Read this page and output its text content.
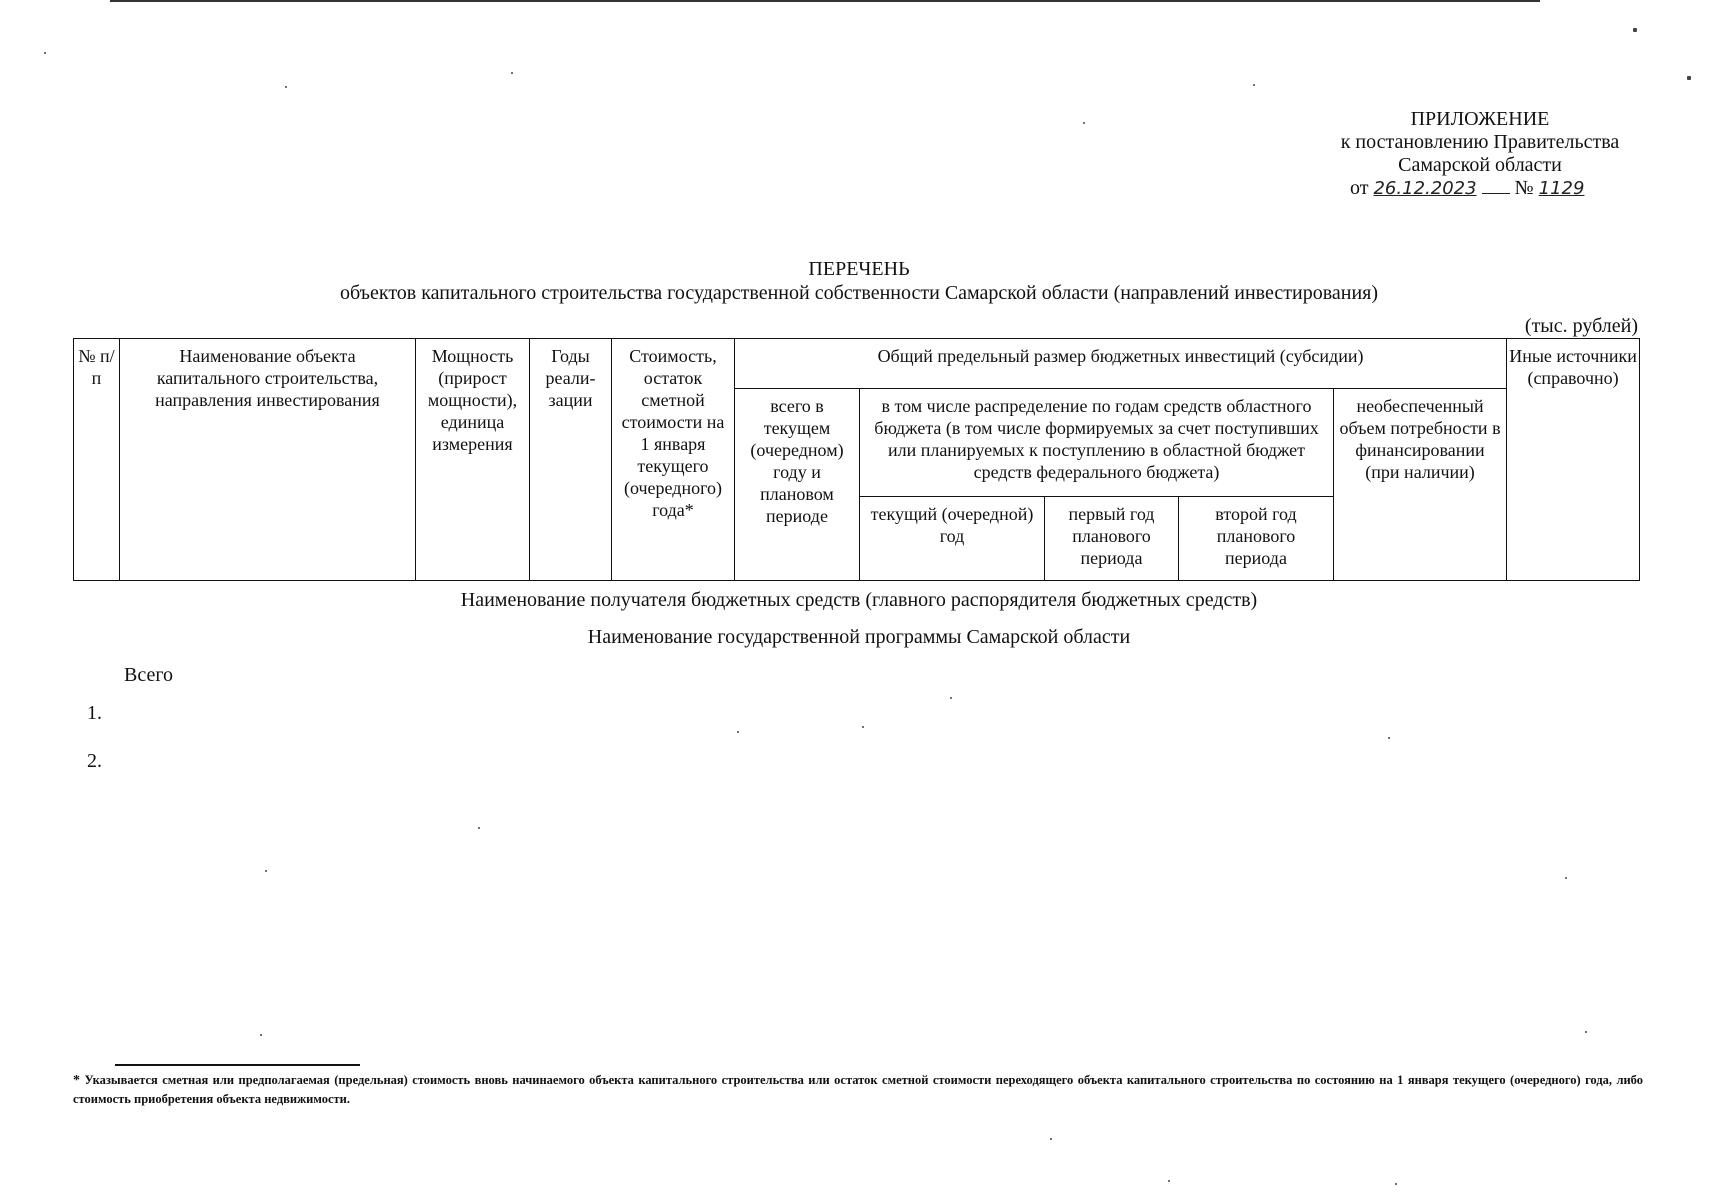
ПРИЛОЖЕНИЕ
к постановлению Правительства
Самарской области
от 26.12.2023 № 1129
ПЕРЕЧЕНЬ
объектов капитального строительства государственной собственности Самарской области (направлений инвестирования)
(тыс. рублей)
№ п/п	Наименование объекта капитального строительства, направления инвестирования	Мощность (прирост мощности), единица измерения	Годы реали- зации	Стоимость, остаток сметной стоимости на 1 января текущего (очередного) года*	Общий предельный размер бюджетных инвестиций (субсидии)					Иные источники (справочно)
					всего в текущем (очередном) году и плановом периоде	в том числе распределение по годам средств областного бюджета (в том числе формируемых за счет поступивших или планируемых к поступлению в областной бюджет средств федерального бюджета)			необеспеченный объем потребности в финансировании (при наличии)	
						текущий (очередной) год	первый год планового периода	второй год планового периода		
Наименование получателя бюджетных средств (главного распорядителя бюджетных средств)
Наименование государственной программы Самарской области
Всего
1.
2.
* Указывается сметная или предполагаемая (предельная) стоимость вновь начинаемого объекта капитального строительства или остаток сметной стоимости переходящего объекта капитального строительства по состоянию на 1 января текущего (очередного) года, либо стоимость приобретения объекта недвижимости.
